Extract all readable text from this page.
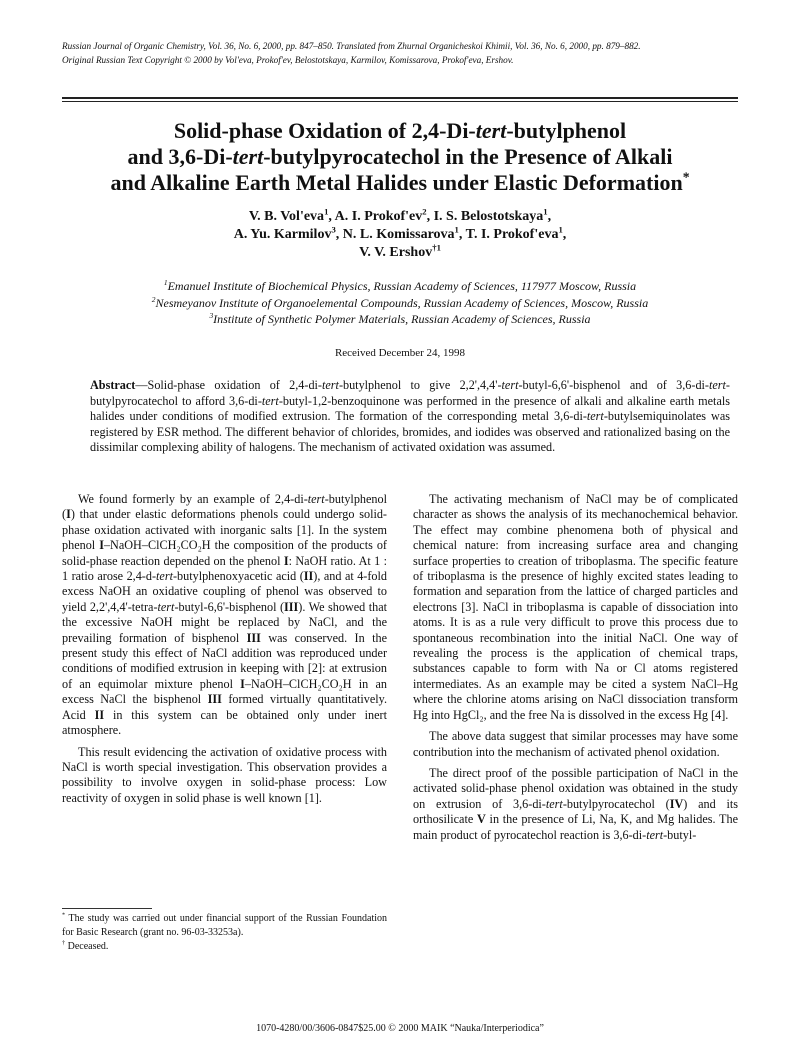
Russian Journal of Organic Chemistry, Vol. 36, No. 6, 2000, pp. 847–850. Translated from Zhurnal Organicheskoi Khimii, Vol. 36, No. 6, 2000, pp. 879–882.
Original Russian Text Copyright © 2000 by Vol'eva, Prokof'ev, Belostotskaya, Karmilov, Komissarova, Prokof'eva, Ershov.
Solid-phase Oxidation of 2,4-Di-tert-butylphenol
and 3,6-Di-tert-butylpyrocatechol in the Presence of Alkali
and Alkaline Earth Metal Halides under Elastic Deformation*
V. B. Vol'eva$^1$, A. I. $Prokof'ev^2$, I. S. Belostotskaya$^1$,
A. Yu. Karmilov$^3$, N. L. Komissarova$^1$, T. I. Prokof'eva$^1$,
V. V. Ershov$^{\dagger 1}$
$^1$Emanuel Institute of Biochemical Physics, Russian Academy of Sciences, 117977 Moscow, Russia
$^2$Nesmeyanov Institute of Organoelemental Compounds, Russian Academy of Sciences, Moscow, Russia
$^3$Institute of Synthetic Polymer Materials, Russian Academy of Sciences, Russia
Received December 24, 1998
Abstract—Solid-phase oxidation of 2,4-di-tert-butylphenol to give 2,2',4,4'-tert-butyl-6,6'-bisphenol and of 3,6-di-tert-butylpyrocatechol to afford 3,6-di-tert-butyl-1,2-benzoquinone was performed in the presence of alkali and alkaline earth metals halides under conditions of modified extrusion. The formation of the corresponding metal 3,6-di-tert-butylsemiquinolates was registered by ESR method. The different behavior of chlorides, bromides, and iodides was observed and rationalized basing on the dissimilar complexing ability of halogens. The mechanism of activated oxidation was assumed.

We found formerly by an example of 2,4-di-tert-butylphenol (I) that under elastic deformations phenols could undergo solid-phase oxidation activated with inorganic salts [1]. In the system phenol I–NaOH–ClCH₂CO₂H the composition of the products of solid-phase reaction depended on the phenol I: NaOH ratio. At 1 : 1 ratio arose 2,4-d-tert-butylphenoxyacetic acid (II), and at 4-fold excess NaOH an oxidative coupling of phenol was observed to yield 2,2',4,4'-tetra-tert-butyl-6,6'-bisphenol (III). We showed that the excessive NaOH might be replaced by NaCl, and the prevailing formation of bisphenol III was conserved. In the present study this effect of NaCl addition was reproduced under conditions of modified extrusion in keeping with [2]: at extrusion of an equimolar mixture phenol I–NaOH–ClCH₂CO₂H in an excess NaCl the bisphenol III formed virtually quantitatively. Acid II in this system can be obtained only under inert atmosphere.

This result evidencing the activation of oxidative process with NaCl is worth special investigation. This observation provides a possibility to involve oxygen in solid-phase process: Low reactivity of oxygen in solid phase is well known [1].

* The study was carried out under financial support of the Russian Foundation for Basic Research (grant no. 96-03-33253a).

† Deceased.

The activating mechanism of NaCl may be of complicated character as shows the analysis of its mechanochemical behavior. The effect may combine phenomena both of physical and chemical nature: from increasing surface area and changing surface properties to creation of triboplasma. The specific feature of triboplasma is the presence of highly excited states leading to formation and separation from the lattice of charged particles and electrons [3]. NaCl in triboplasma is capable of dissociation into atoms. It is as a rule very difficult to prove this process due to spontaneous recombination into the initial NaCl. One way of revealing the process is the application of chemical traps, substances capable to form with Na or Cl atoms registered intermediates. As an example may be cited a system NaCl–Hg where the chlorine atoms arising on NaCl dissociation transform Hg into HgCl₂, and the free Na is dissolved in the excess Hg [4].

The above data suggest that similar processes may have some contribution into the mechanism of activated phenol oxidation.

The direct proof of the possible participation of NaCl in the activated solid-phase phenol oxidation was obtained in the study on extrusion of 3,6-di-tert-butylpyrocatechol (IV) and its orthosilicate V in the presence of Li, Na, K, and Mg halides. The main product of pyrocatechol reaction is 3,6-di-tert-butyl-

1070-4280/00/3606-0847$25.00 © 2000 MAIK “Nauka/Interperiodica”
